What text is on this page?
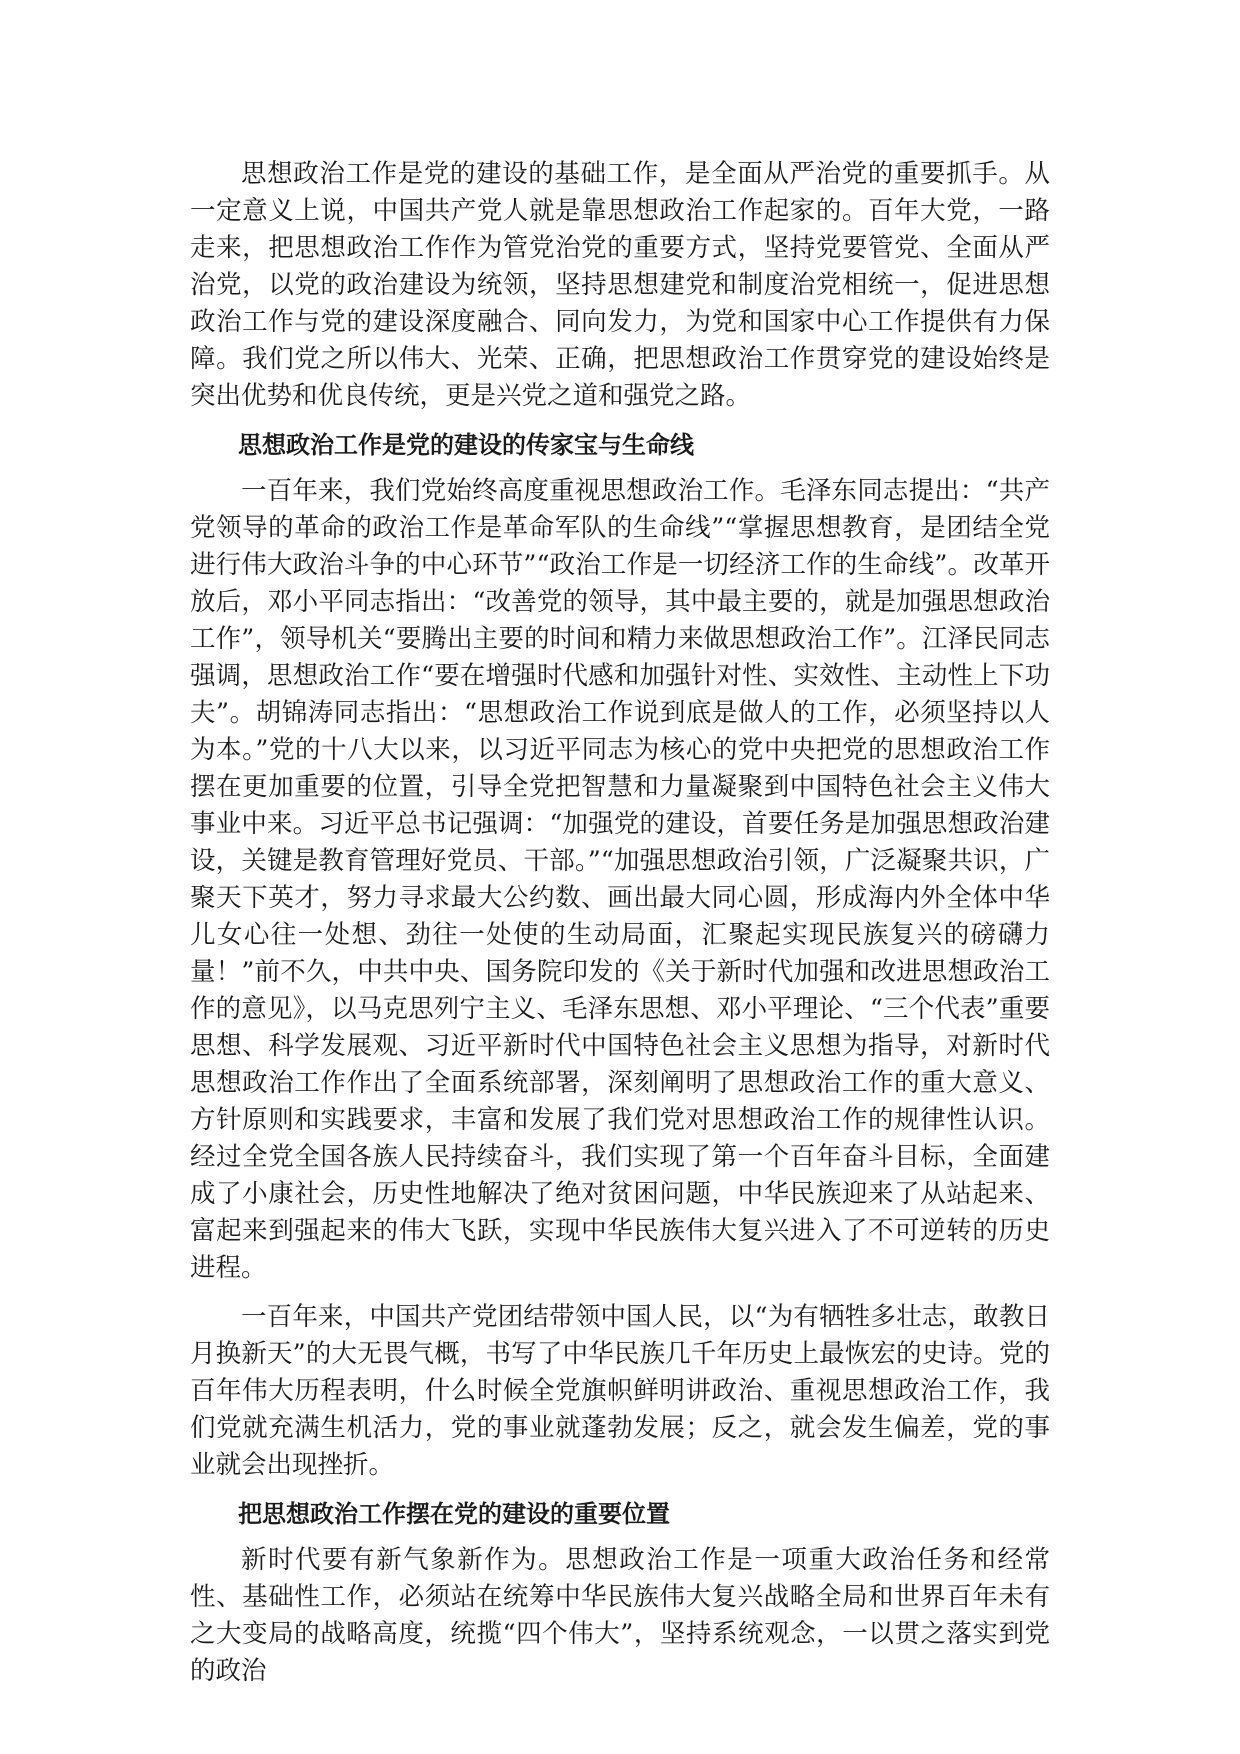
思想政治工作是党的建设的基础工作，是全面从严治党的重要抓手。从一定意义上说，中国共产党人就是靠思想政治工作起家的。百年大党，一路走来，把思想政治工作作为管党治党的重要方式，坚持党要管党、全面从严治党，以党的政治建设为统领，坚持思想建党和制度治党相统一，促进思想政治工作与党的建设深度融合、同向发力，为党和国家中心工作提供有力保障。我们党之所以伟大、光荣、正确，把思想政治工作贯穿党的建设始终是突出优势和优良传统，更是兴党之道和强党之路。

思想政治工作是党的建设的传家宝与生命线

一百年来，我们党始终高度重视思想政治工作。毛泽东同志提出：“共产党领导的革命的政治工作是革命军队的生命线”“掌握思想教育，是团结全党进行伟大政治斗争的中心环节”“政治工作是一切经济工作的生命线”。改革开放后，邓小平同志指出：“改善党的领导，其中最主要的，就是加强思想政治工作”，领导机关“要腾出主要的时间和精力来做思想政治工作”。江泽民同志强调，思想政治工作“要在增强时代感和加强针对性、实效性、主动性上下功夫”。胡锦涛同志指出：“思想政治工作说到底是做人的工作，必须坚持以人为本。”党的十八大以来，以习近平同志为核心的党中央把党的思想政治工作摆在更加重要的位置，引导全党把智慧和力量凝聚到中国特色社会主义伟大事业中来。习近平总书记强调：“加强党的建设，首要任务是加强思想政治建设，关键是教育管理好党员、干部。”“加强思想政治引领，广泛凝聚共识，广聚天下英才，努力寻求最大公约数、画出最大同心圆，形成海内外全体中华儿女心往一处想、劲往一处使的生动局面，汇聚起实现民族复兴的磅礴力量！”前不久，中共中央、国务院印发的《关于新时代加强和改进思想政治工作的意见》，以马克思列宁主义、毛泽东思想、邓小平理论、“三个代表”重要思想、科学发展观、习近平新时代中国特色社会主义思想为指导，对新时代思想政治工作作出了全面系统部署，深刻阐明了思想政治工作的重大意义、方针原则和实践要求，丰富和发展了我们党对思想政治工作的规律性认识。经过全党全国各族人民持续奋斗，我们实现了第一个百年奋斗目标，全面建成了小康社会，历史性地解决了绝对贫困问题，中华民族迎来了从站起来、富起来到强起来的伟大飞跃，实现中华民族伟大复兴进入了不可逆转的历史进程。

一百年来，中国共产党团结带领中国人民，以“为有牺牲多壮志，敢教日月换新天”的大无畏气概，书写了中华民族几千年历史上最恢宏的史诗。党的百年伟大历程表明，什么时候全党旗帜鲜明讲政治、重视思想政治工作，我们党就充满生机活力，党的事业就蓬勃发展；反之，就会发生偏差，党的事业就会出现挫折。

把思想政治工作摆在党的建设的重要位置

新时代要有新气象新作为。思想政治工作是一项重大政治任务和经常性、基础性工作，必须站在统筹中华民族伟大复兴战略全局和世界百年未有之大变局的战略高度，统揽“四个伟大”，坚持系统观念，一以贯之落实到党的政治
